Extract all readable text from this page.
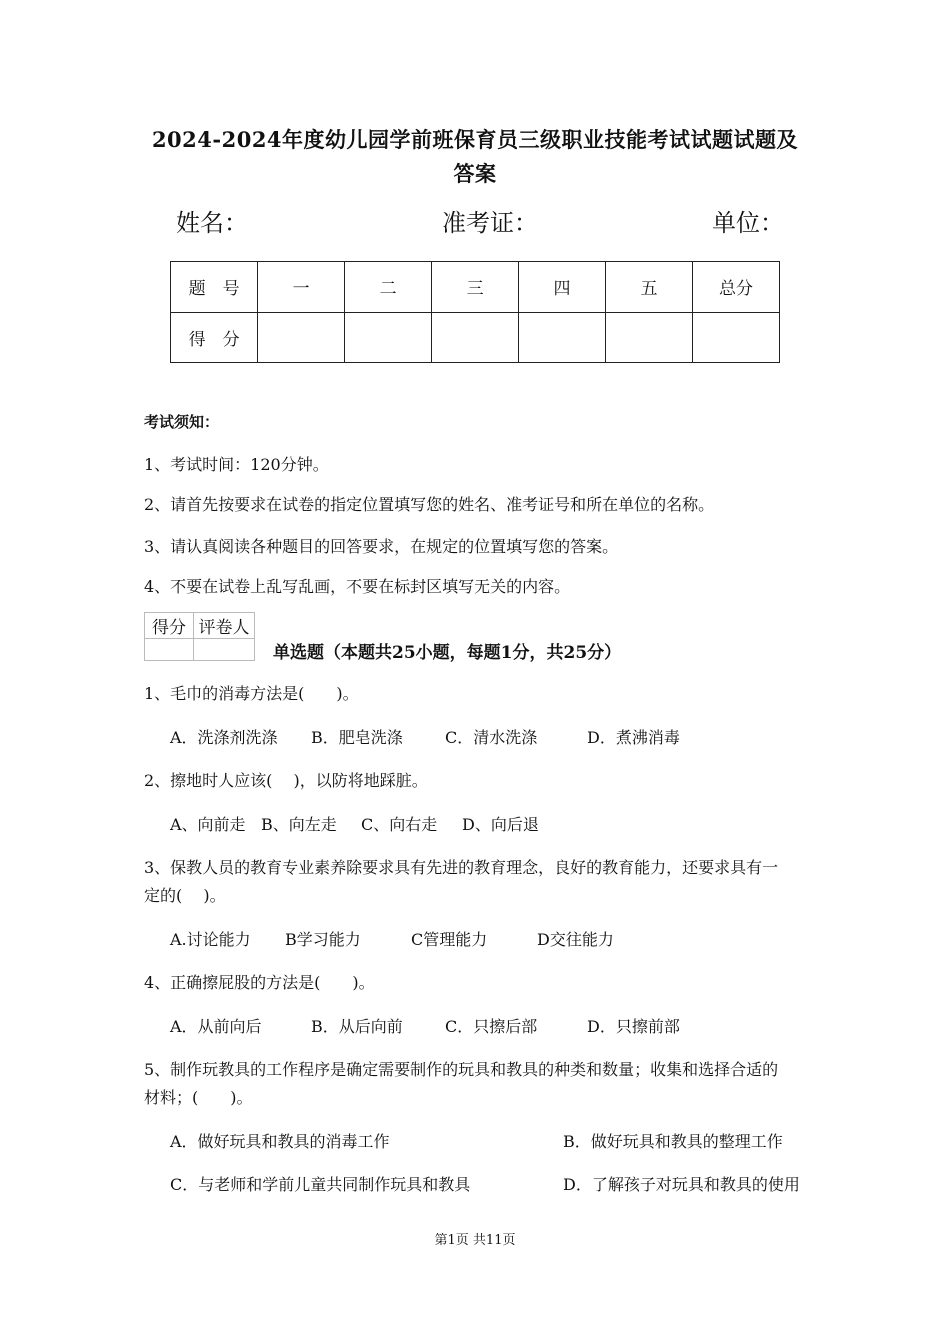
2024-2024年度幼儿园学前班保育员三级职业技能考试试题试题及
答案
姓名：	准考证：	单位：
题　号	一	二	三	四	五	总分
得　分						
考试须知：
1、考试时间：120分钟。
2、请首先按要求在试卷的指定位置填写您的姓名、准考证号和所在单位的名称。
3、请认真阅读各种题目的回答要求，在规定的位置填写您的答案。
4、不要在试卷上乱写乱画，不要在标封区填写无关的内容。
得分	评卷人

单选题（本题共25小题，每题1分，共25分）
1、毛巾的消毒方法是(　　)。
A．洗涤剂洗涤 B．肥皂洗涤	C．清水洗涤	D．煮沸消毒
2、擦地时人应该(　 )，以防将地踩脏。
A、向前走 B、向左走 C、向右走 D、向后退
3、保教人员的教育专业素养除要求具有先进的教育理念，良好的教育能力，还要求具有一
定的(　 )。
A.讨论能力 B学习能力	C管理能力	D交往能力
4、正确擦屁股的方法是(　　)。
A．从前向后	B．从后向前	C．只擦后部	D．只擦前部
5、制作玩教具的工作程序是确定需要制作的玩具和教具的种类和数量；收集和选择合适的
材料；(　　)。
A．做好玩具和教具的消毒工作	B．做好玩具和教具的整理工作
C．与老师和学前儿童共同制作玩具和教具	D．了解孩子对玩具和教具的使用
第1页 共11页
